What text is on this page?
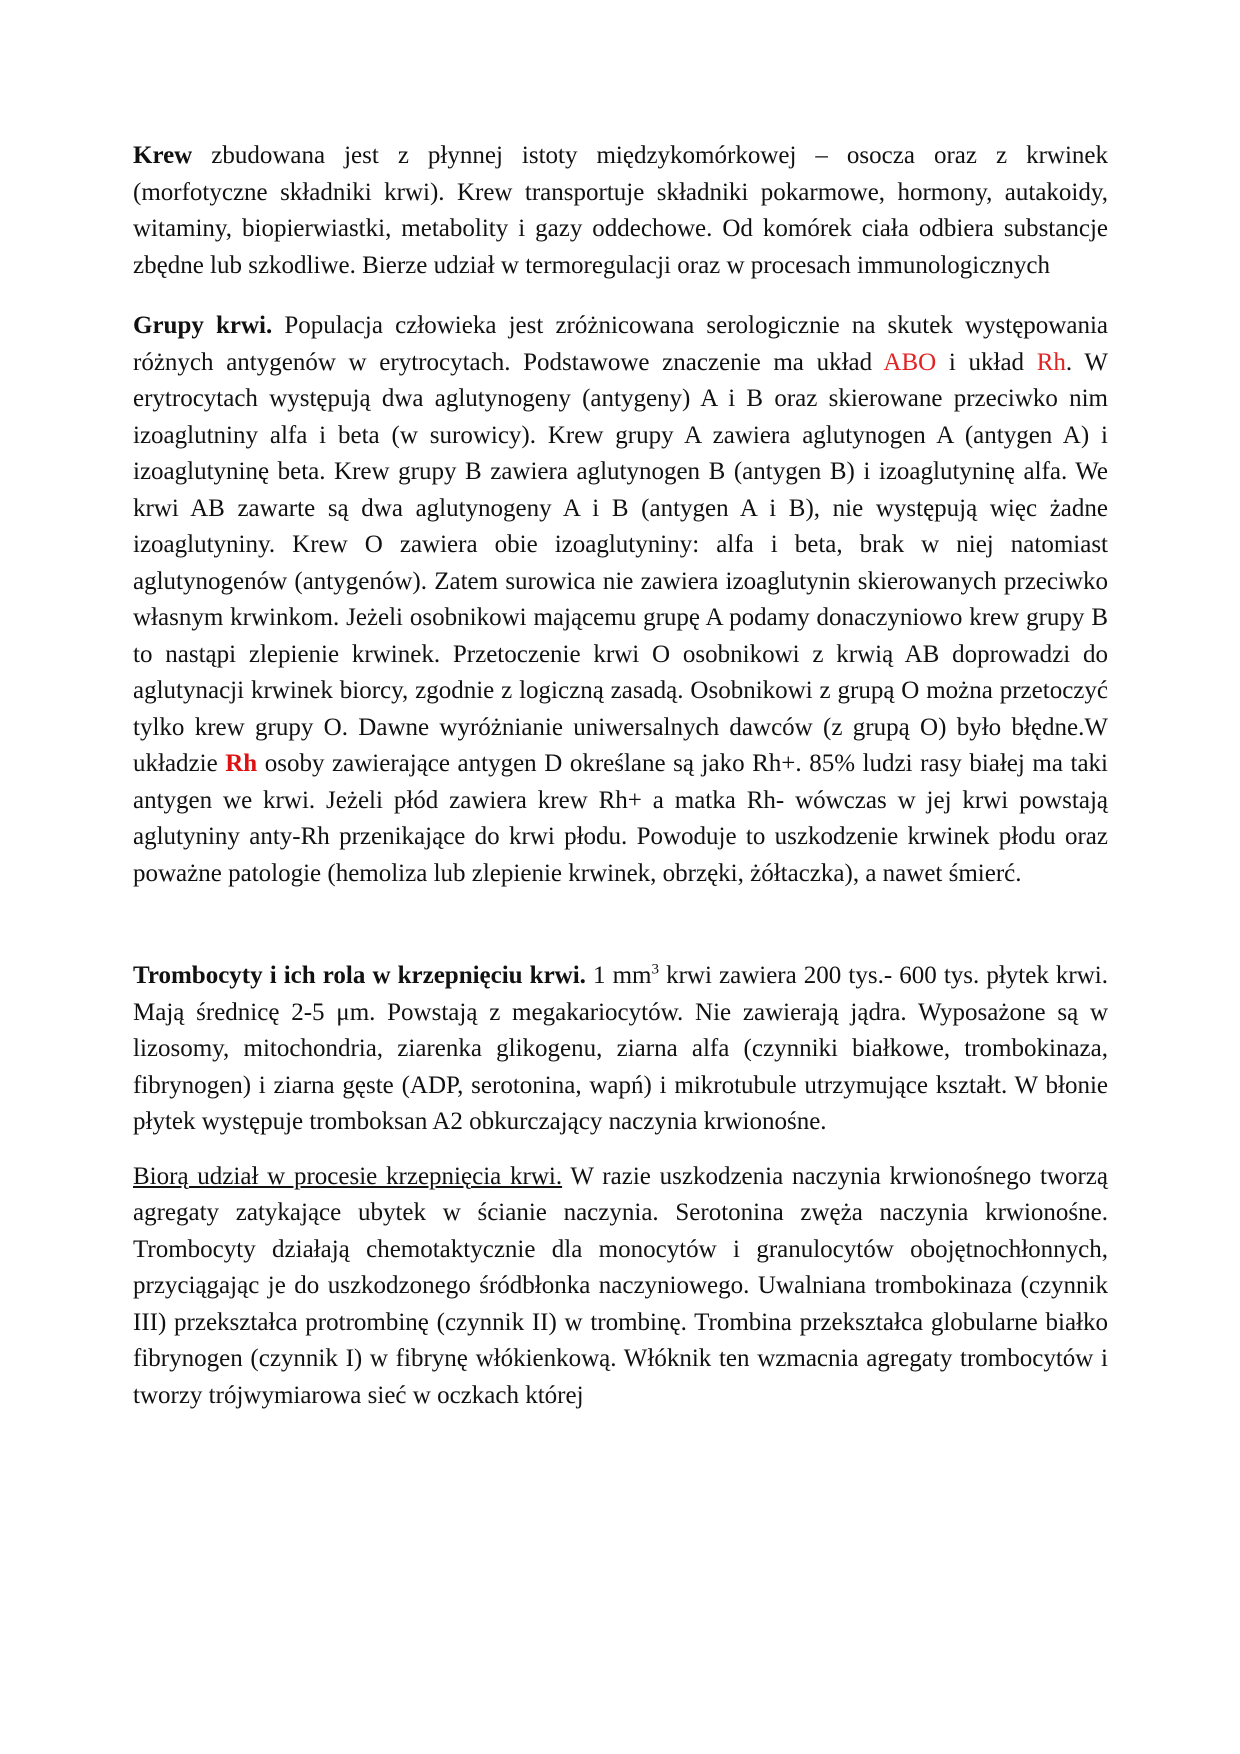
Krew zbudowana jest z płynnej istoty międzykomórkowej – osocza oraz z krwinek (morfotyczne składniki krwi). Krew transportuje składniki pokarmowe, hormony, autakoidy, witaminy, biopierwiastki, metabolity i gazy oddechowe. Od komórek ciała odbiera substancje zbędne lub szkodliwe. Bierze udział w termoregulacji oraz w procesach immunologicznych

Grupy krwi. Populacja człowieka jest zróżnicowana serologicznie na skutek występowania różnych antygenów w erytrocytach. Podstawowe znaczenie ma układ ABO i układ Rh. W erytrocytach występują dwa aglutynogeny (antygeny) A i B oraz skierowane przeciwko nim izoaglutniny alfa i beta (w surowicy). Krew grupy A zawiera aglutynogen A (antygen A) i izoaglutyninę beta. Krew grupy B zawiera aglutynogen B (antygen B) i izoaglutyninę alfa. We krwi AB zawarte są dwa aglutynogeny A i B (antygen A i B), nie występują więc żadne izoaglutyniny. Krew O zawiera obie izoaglutyniny: alfa i beta, brak w niej natomiast aglutynogenów (antygenów). Zatem surowica nie zawiera izoaglutynin skierowanych przeciwko własnym krwinkom. Jeżeli osobnikowi mającemu grupę A podamy donaczyniowo krew grupy B to nastąpi zlepienie krwinek. Przetoczenie krwi O osobnikowi z krwią AB doprowadzi do aglutynacji krwinek biorcy, zgodnie z logiczną zasadą. Osobnikowi z grupą O można przetoczyć tylko krew grupy O. Dawne wyróżnianie uniwersalnych dawców (z grupą O) było błędne.W układzie Rh osoby zawierające antygen D określane są jako Rh+. 85% ludzi rasy białej ma taki antygen we krwi. Jeżeli płód zawiera krew Rh+ a matka Rh- wówczas w jej krwi powstają aglutyniny anty-Rh przenikające do krwi płodu. Powoduje to uszkodzenie krwinek płodu oraz poważne patologie (hemoliza lub zlepienie krwinek, obrzęki, żółtaczka), a nawet śmierć.

Trombocyty i ich rola w krzepnięciu krwi. 1 $mm^3$ krwi zawiera 200 tys.- 600 tys. płytek krwi. Mają średnicę 2-5 μm. Powstają z megakariocytów. Nie zawierają jądra. Wyposażone są w lizosomy, mitochondria, ziarenka glikogenu, ziarna alfa (czynniki białkowe, trombokinaza, fibrynogen) i ziarna gęste (ADP, serotonina, wapń) i mikrotubule utrzymujące kształt. W błonie płytek występuje tromboksan A2 obkurczający naczynia krwionośne.

Biorą udział w procesie krzepnięcia krwi. W razie uszkodzenia naczynia krwionośnego tworzą agregaty zatykające ubytek w ścianie naczynia. Serotonina zwęża naczynia krwionośne. Trombocyty działają chemotaktycznie dla monocytów i granulocytów obojętnochłonnych, przyciągając je do uszkodzonego śródbłonka naczyniowego. Uwalniana trombokinaza (czynnik III) przekształca protrombinę (czynnik II) w trombinę. Trombina przekształca globularne białko fibrynogen (czynnik I) w fibrynę włókienkową. Włóknik ten wzmacnia agregaty trombocytów i tworzy trójwymiarowa sieć w oczkach której
